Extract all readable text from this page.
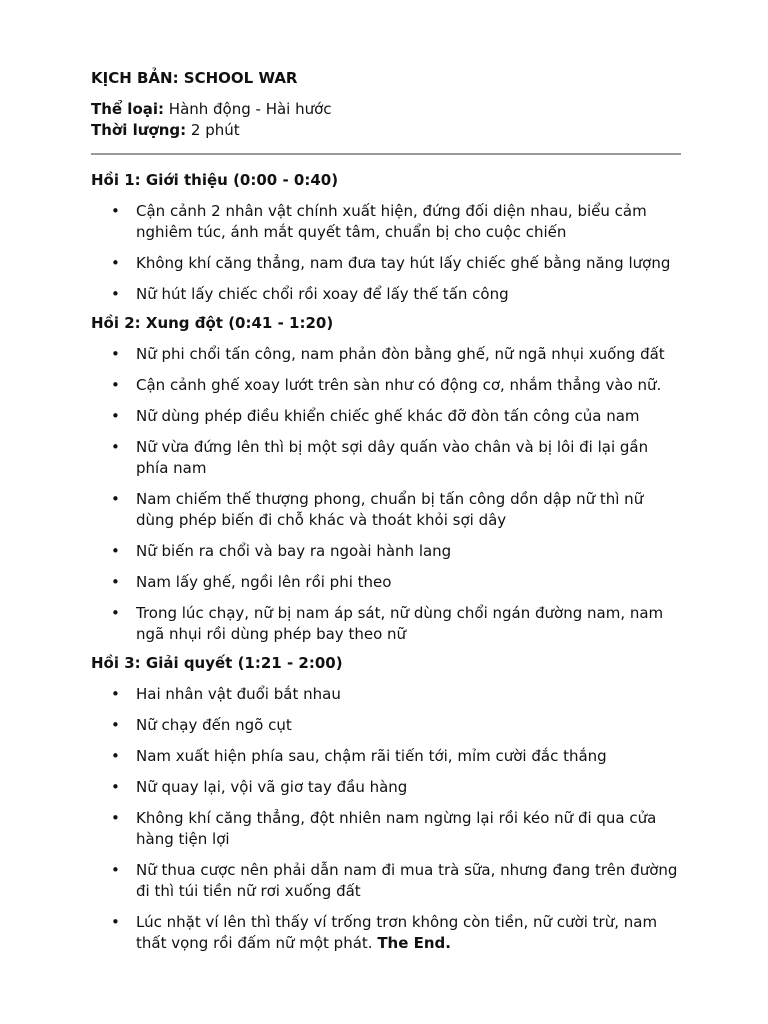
KỊCH BẢN: SCHOOL WAR
Thể loại: Hành động - Hài hước
Thời lượng: 2 phút
Hồi 1: Giới thiệu (0:00 - 0:40)
• Cận cảnh 2 nhân vật chính xuất hiện, đứng đối diện nhau, biểu cảm nghiêm túc, ánh mắt quyết tâm, chuẩn bị cho cuộc chiến
• Không khí căng thẳng, nam đưa tay hút lấy chiếc ghế bằng năng lượng
• Nữ hút lấy chiếc chổi rồi xoay để lấy thế tấn công
Hồi 2: Xung đột (0:41 - 1:20)
• Nữ phi chổi tấn công, nam phản đòn bằng ghế, nữ ngã nhụi xuống đất
• Cận cảnh ghế xoay lướt trên sàn như có động cơ, nhắm thẳng vào nữ.
• Nữ dùng phép điều khiển chiếc ghế khác đỡ đòn tấn công của nam
• Nữ vừa đứng lên thì bị một sợi dây quấn vào chân và bị lôi đi lại gần phía nam
• Nam chiếm thế thượng phong, chuẩn bị tấn công dồn dập nữ thì nữ dùng phép biến đi chỗ khác và thoát khỏi sợi dây
• Nữ biến ra chổi và bay ra ngoài hành lang
• Nam lấy ghế, ngồi lên rồi phi theo
• Trong lúc chạy, nữ bị nam áp sát, nữ dùng chổi ngán đường nam, nam ngã nhụi rồi dùng phép bay theo nữ
Hồi 3: Giải quyết (1:21 - 2:00)
• Hai nhân vật đuổi bắt nhau
• Nữ chạy đến ngõ cụt
• Nam xuất hiện phía sau, chậm rãi tiến tới, mỉm cười đắc thắng
• Nữ quay lại, vội vã giơ tay đầu hàng
• Không khí căng thẳng, đột nhiên nam ngừng lại rồi kéo nữ đi qua cửa hàng tiện lợi
• Nữ thua cược nên phải dẫn nam đi mua trà sữa, nhưng đang trên đường đi thì túi tiền nữ rơi xuống đất
• Lúc nhặt ví lên thì thấy ví trống trơn không còn tiền, nữ cười trừ, nam thất vọng rồi đấm nữ một phát. The End.
